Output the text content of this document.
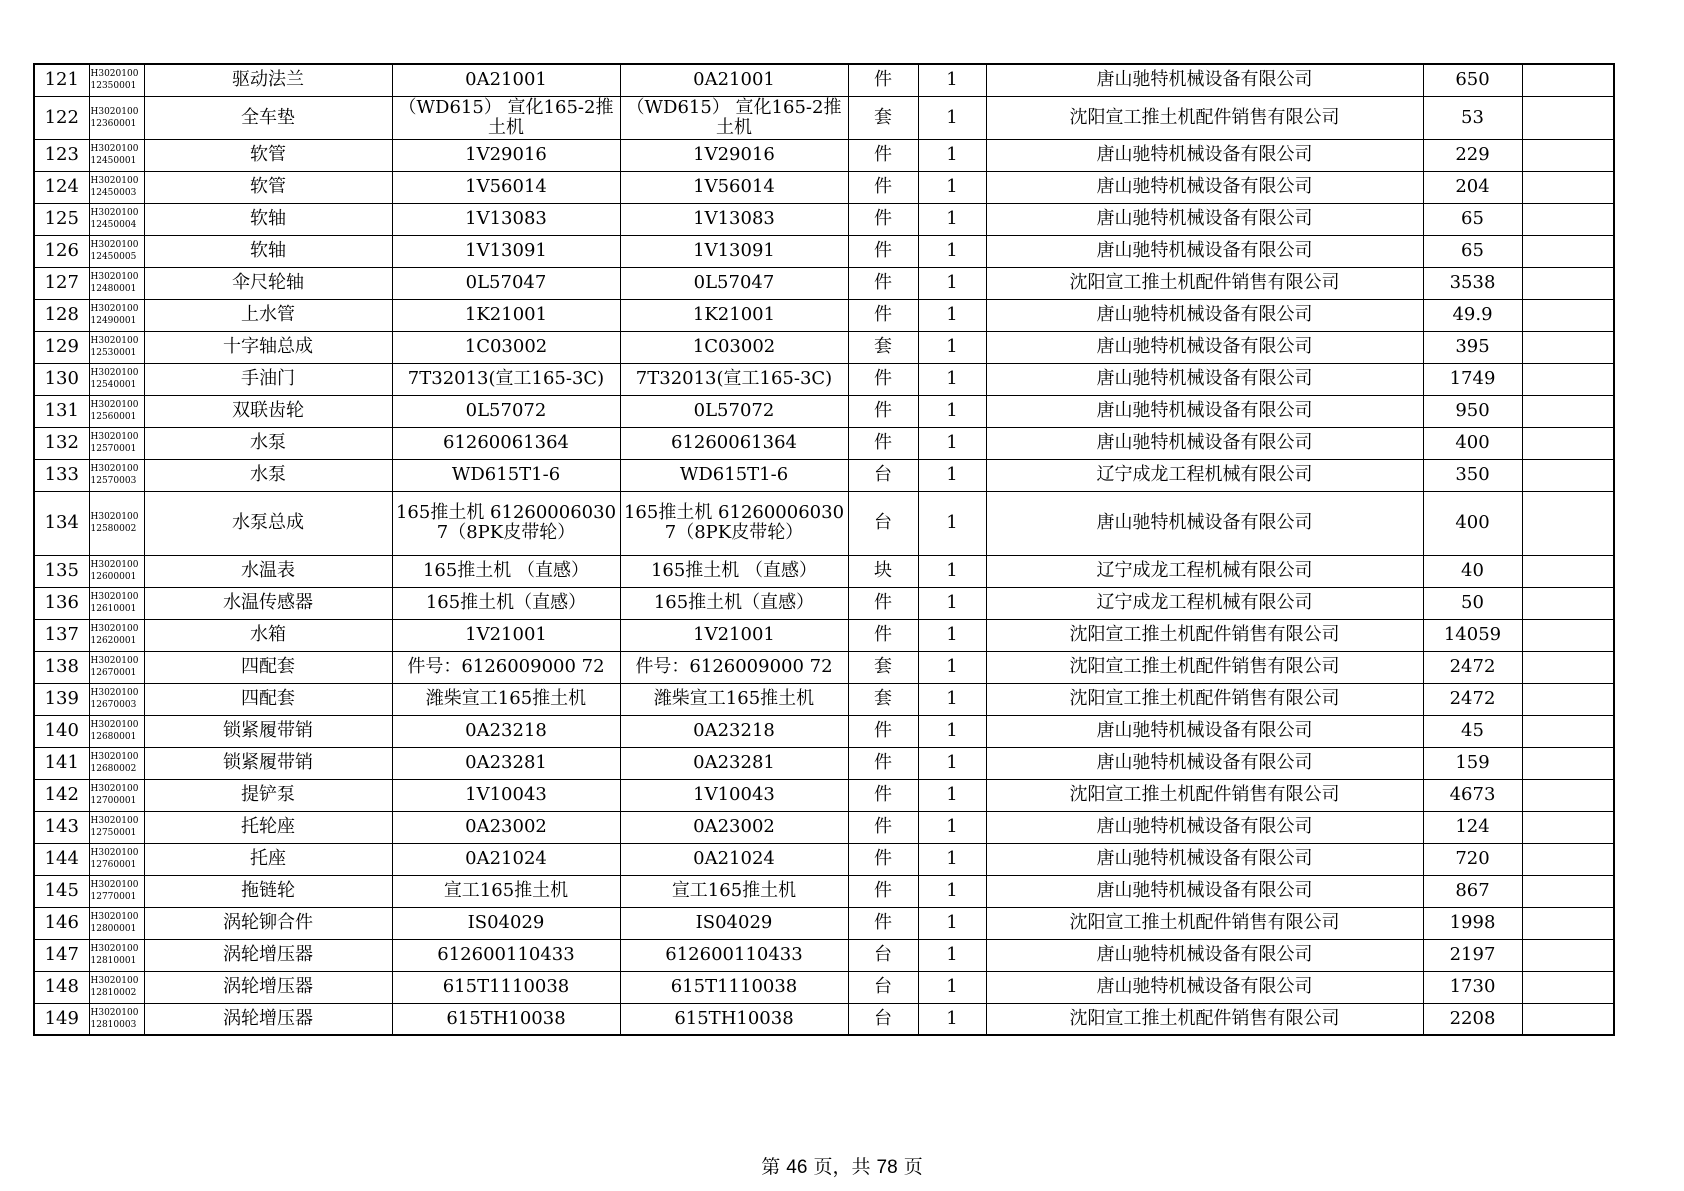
121	H302010012350001	驱动法兰	0A21001	0A21001	件	1	唐山驰特机械设备有限公司	650	
122	H302010012360001	全车垫	（WD615） 宣化165-2推土机	（WD615） 宣化165-2推土机	套	1	沈阳宣工推土机配件销售有限公司	53	
123	H302010012450001	软管	1V29016	1V29016	件	1	唐山驰特机械设备有限公司	229	
124	H302010012450003	软管	1V56014	1V56014	件	1	唐山驰特机械设备有限公司	204	
125	H302010012450004	软轴	1V13083	1V13083	件	1	唐山驰特机械设备有限公司	65	
126	H302010012450005	软轴	1V13091	1V13091	件	1	唐山驰特机械设备有限公司	65	
127	H302010012480001	伞尺轮轴	0L57047	0L57047	件	1	沈阳宣工推土机配件销售有限公司	3538	
128	H302010012490001	上水管	1K21001	1K21001	件	1	唐山驰特机械设备有限公司	49.9	
129	H302010012530001	十字轴总成	1C03002	1C03002	套	1	唐山驰特机械设备有限公司	395	
130	H302010012540001	手油门	7T32013(宣工165-3C)	7T32013(宣工165-3C)	件	1	唐山驰特机械设备有限公司	1749	
131	H302010012560001	双联齿轮	0L57072	0L57072	件	1	唐山驰特机械设备有限公司	950	
132	H302010012570001	水泵	61260061364	61260061364	件	1	唐山驰特机械设备有限公司	400	
133	H302010012570003	水泵	WD615T1-6	WD615T1-6	台	1	辽宁成龙工程机械有限公司	350	
134	H302010012580002	水泵总成	165推土机 612600060307（8PK皮带轮）	165推土机 612600060307（8PK皮带轮）	台	1	唐山驰特机械设备有限公司	400	
135	H302010012600001	水温表	165推土机 （直感）	165推土机 （直感）	块	1	辽宁成龙工程机械有限公司	40	
136	H302010012610001	水温传感器	165推土机（直感）	165推土机（直感）	件	1	辽宁成龙工程机械有限公司	50	
137	H302010012620001	水箱	1V21001	1V21001	件	1	沈阳宣工推土机配件销售有限公司	14059	
138	H302010012670001	四配套	件号：6126009000 72	件号：6126009000 72	套	1	沈阳宣工推土机配件销售有限公司	2472	
139	H302010012670003	四配套	潍柴宣工165推土机	潍柴宣工165推土机	套	1	沈阳宣工推土机配件销售有限公司	2472	
140	H302010012680001	锁紧履带销	0A23218	0A23218	件	1	唐山驰特机械设备有限公司	45	
141	H302010012680002	锁紧履带销	0A23281	0A23281	件	1	唐山驰特机械设备有限公司	159	
142	H302010012700001	提铲泵	1V10043	1V10043	件	1	沈阳宣工推土机配件销售有限公司	4673	
143	H302010012750001	托轮座	0A23002	0A23002	件	1	唐山驰特机械设备有限公司	124	
144	H302010012760001	托座	0A21024	0A21024	件	1	唐山驰特机械设备有限公司	720	
145	H302010012770001	拖链轮	宣工165推土机	宣工165推土机	件	1	唐山驰特机械设备有限公司	867	
146	H302010012800001	涡轮铆合件	IS04029	IS04029	件	1	沈阳宣工推土机配件销售有限公司	1998	
147	H302010012810001	涡轮增压器	612600110433	612600110433	台	1	唐山驰特机械设备有限公司	2197	
148	H302010012810002	涡轮增压器	615T1110038	615T1110038	台	1	唐山驰特机械设备有限公司	1730	
149	H302010012810003	涡轮增压器	615TH10038	615TH10038	台	1	沈阳宣工推土机配件销售有限公司	2208	
第 46 页，共 78 页
